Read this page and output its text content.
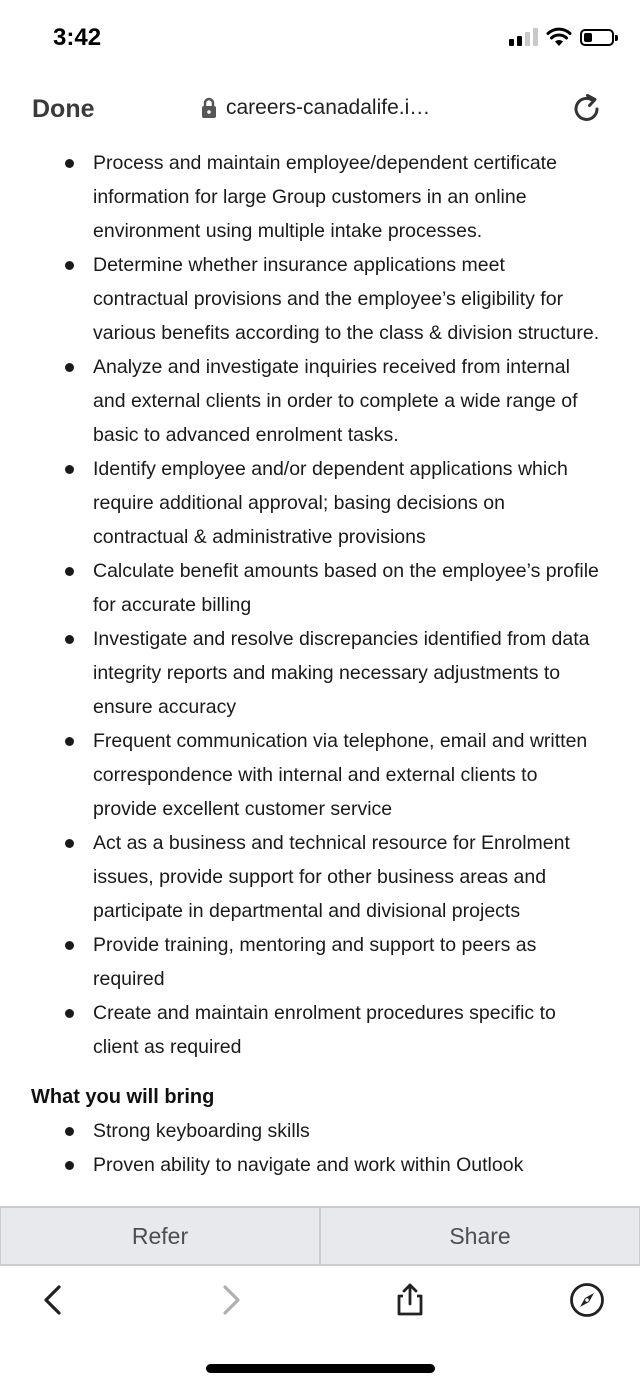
3:42
Done	careers-canadalife.i…
Process and maintain employee/dependent certificate information for large Group customers in an online environment using multiple intake processes.
Determine whether insurance applications meet contractual provisions and the employee’s eligibility for various benefits according to the class & division structure.
Analyze and investigate inquiries received from internal and external clients in order to complete a wide range of basic to advanced enrolment tasks.
Identify employee and/or dependent applications which require additional approval; basing decisions on contractual & administrative provisions
Calculate benefit amounts based on the employee’s profile for accurate billing
Investigate and resolve discrepancies identified from data integrity reports and making necessary adjustments to ensure accuracy
Frequent communication via telephone, email and written correspondence with internal and external clients to provide excellent customer service
Act as a business and technical resource for Enrolment issues, provide support for other business areas and participate in departmental and divisional projects
Provide training, mentoring and support to peers as required
Create and maintain enrolment procedures specific to client as required
What you will bring
Strong keyboarding skills
Proven ability to navigate and work within Outlook
Refer	Share
